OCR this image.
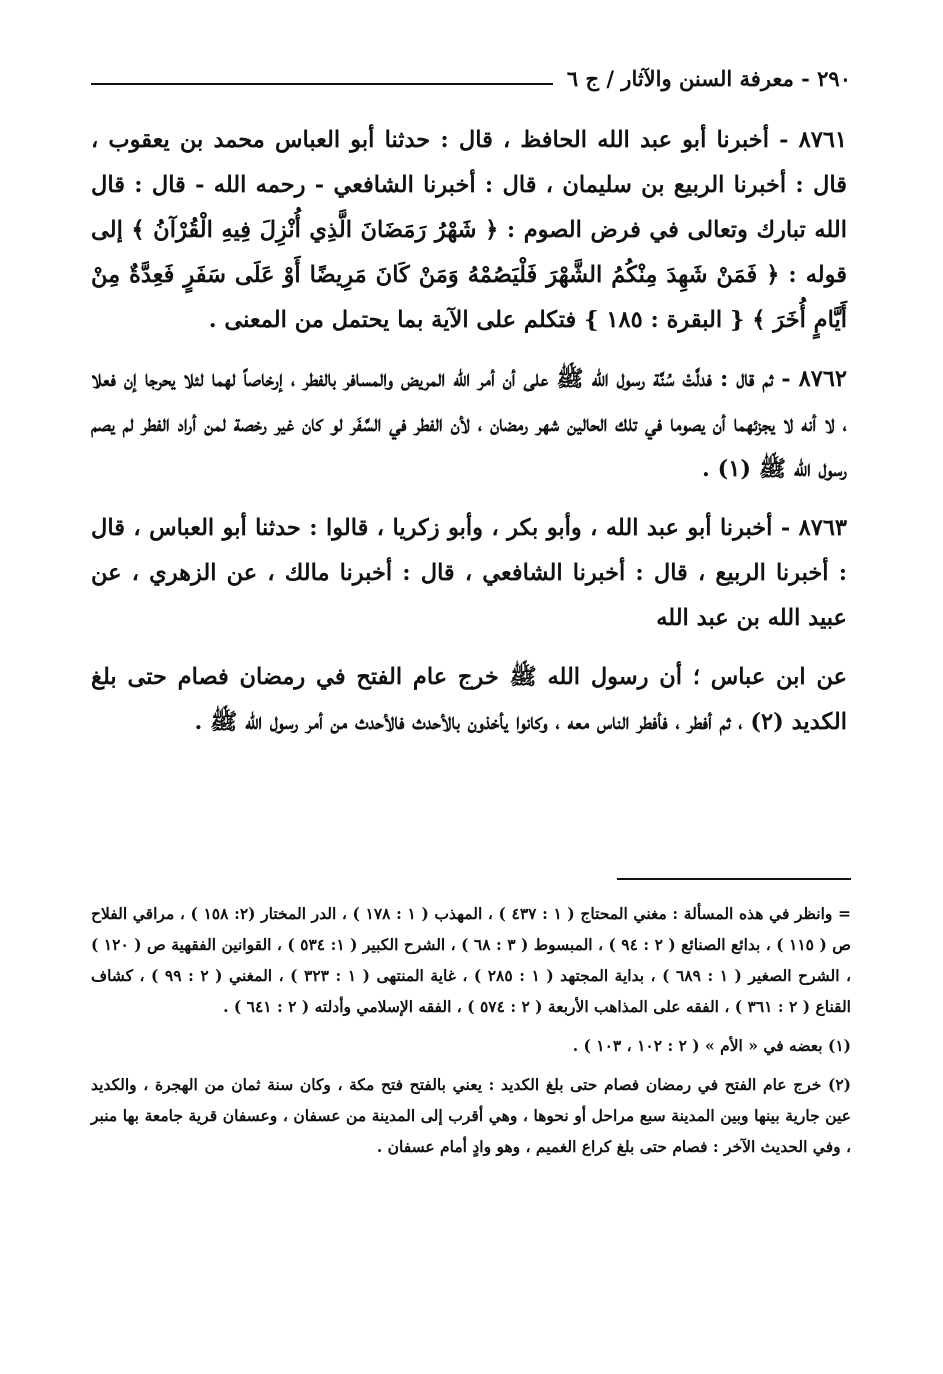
٢٩٠ - معرفة السنن والآثار / ج ٦

٨٧٦١ - أخبرنا أبو عبد الله الحافظ ، قال : حدثنا أبو العباس محمد بن يعقوب ، قال : أخبرنا الربيع بن سليمان ، قال : أخبرنا الشافعي - رحمه الله - قال : قال الله تبارك وتعالى في فرض الصوم : ﴿ شَهْرُ رَمَضَانَ الَّذِي أُنْزِلَ فِيهِ الْقُرْآنُ ﴾ إلى قوله : ﴿ فَمَنْ شَهِدَ مِنْكُمُ الشَّهْرَ فَلْيَصُمْهُ وَمَنْ كَانَ مَرِيضًا أَوْ عَلَى سَفَرٍ فَعِدَّةٌ مِنْ أَيَّامٍ أُخَرَ ﴾ { البقرة : ١٨٥ } فتكلم على الآية بما يحتمل من المعنى .

٨٧٦٢ - ثم قال : فدلَّتْ سُنَّة رسول الله ﷺ على أن أمر الله المريض والمسافر بالفطر ، إرخاصاً لهما لئلا يحرجا إن فعلا ، لا أنه لا يجزئهما أن يصوما في تلك الحالين شهر رمضان ، لأن الفطر في السَّفَر لو كان غير رخصة لمن أراد الفطر لم يصم رسول الله ﷺ (١) .

٨٧٦٣ - أخبرنا أبو عبد الله ، وأبو بكر ، وأبو زكريا ، قالوا : حدثنا أبو العباس ، قال : أخبرنا الربيع ، قال : أخبرنا الشافعي ، قال : أخبرنا مالك ، عن الزهري ، عن عبيد الله بن عبد الله

عن ابن عباس ؛ أن رسول الله ﷺ خرج عام الفتح في رمضان فصام حتى بلغ الكديد (٢) ، ثم أفطر ، فأفطر الناس معه ، وكانوا يأخذون بالأحدث فالأحدث من أمر رسول الله ﷺ .

= وانظر في هذه المسألة : مغني المحتاج ( ١ : ٤٣٧ ) ، المهذب ( ١ : ١٧٨ ) ، الدر المختار (٢: ١٥٨ ) ، مراقي الفلاح ص ( ١١٥ ) ، بدائع الصنائع ( ٢ : ٩٤ ) ، المبسوط ( ٣ : ٦٨ ) ، الشرح الكبير ( ١: ٥٣٤ ) ، القوانين الفقهية ص ( ١٢٠ ) ، الشرح الصغير ( ١ : ٦٨٩ ) ، بداية المجتهد ( ١ : ٢٨٥ ) ، غاية المنتهى ( ١ : ٣٢٣ ) ، المغني ( ٢ : ٩٩ ) ، كشاف القناع ( ٢ : ٣٦١ ) ، الفقه على المذاهب الأربعة ( ٢ : ٥٧٤ ) ، الفقه الإسلامي وأدلته ( ٢ : ٦٤١ ) .

(١) بعضه في « الأم » ( ٢ : ١٠٢ ، ١٠٣ ) .

(٢) خرج عام الفتح في رمضان فصام حتى بلغ الكديد : يعني بالفتح فتح مكة ، وكان سنة ثمان من الهجرة ، والكديد عين جارية بينها وبين المدينة سبع مراحل أو نحوها ، وهي أقرب إلى المدينة من عسفان ، وعسفان قرية جامعة بها منبر ، وفي الحديث الآخر : فصام حتى بلغ كراع الغميم ، وهو وادٍ أمام عسفان .
